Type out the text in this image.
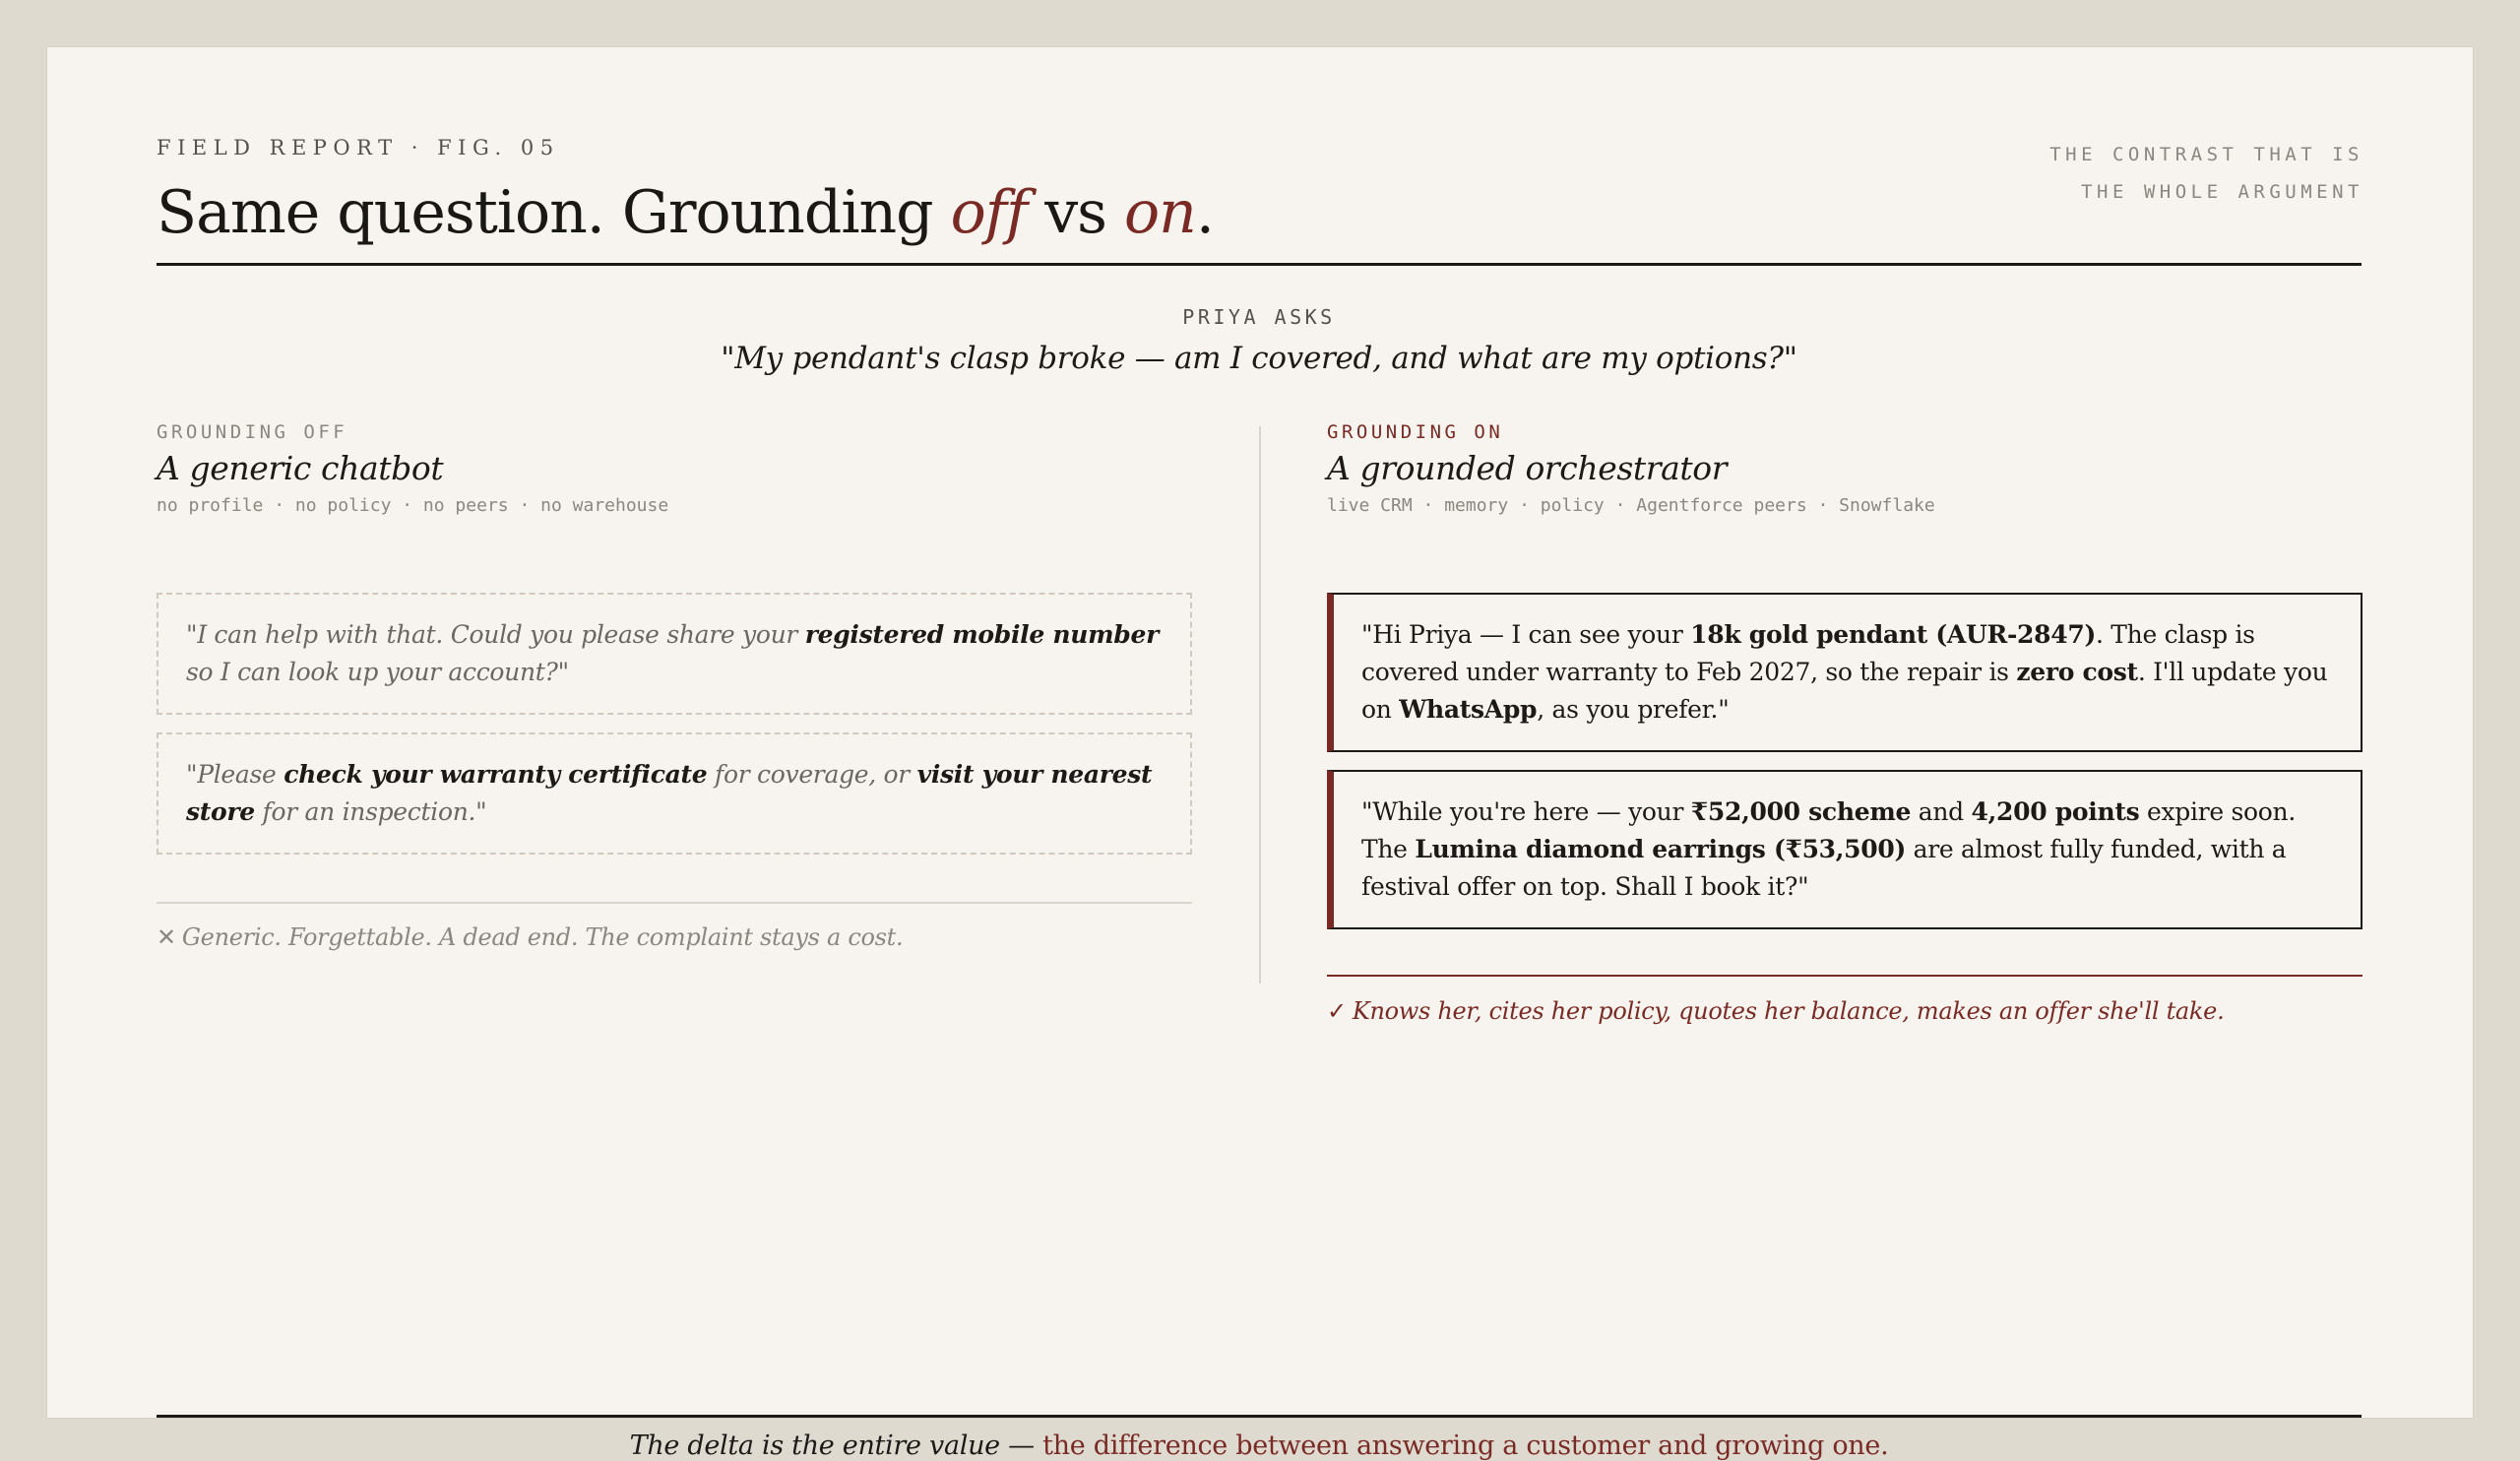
FIELD REPORT · FIG. 05
Same question. Grounding off vs on.
THE CONTRAST THAT IS
THE WHOLE ARGUMENT
PRIYA ASKS
"My pendant's clasp broke — am I covered, and what are my options?"
GROUNDING OFF
A generic chatbot
no profile · no policy · no peers · no warehouse
"I can help with that. Could you please share your registered mobile number so I can look up your account?"
"Please check your warranty certificate for coverage, or visit your nearest store for an inspection."
✕ Generic. Forgettable. A dead end. The complaint stays a cost.
GROUNDING ON
A grounded orchestrator
live CRM · memory · policy · Agentforce peers · Snowflake
"Hi Priya — I can see your 18k gold pendant (AUR-2847). The clasp is covered under warranty to Feb 2027, so the repair is zero cost. I'll update you on WhatsApp, as you prefer."
"While you're here — your ₹52,000 scheme and 4,200 points expire soon. The Lumina diamond earrings (₹53,500) are almost fully funded, with a festival offer on top. Shall I book it?"
✓ Knows her, cites her policy, quotes her balance, makes an offer she'll take.
The delta is the entire value — the difference between answering a customer and growing one.
